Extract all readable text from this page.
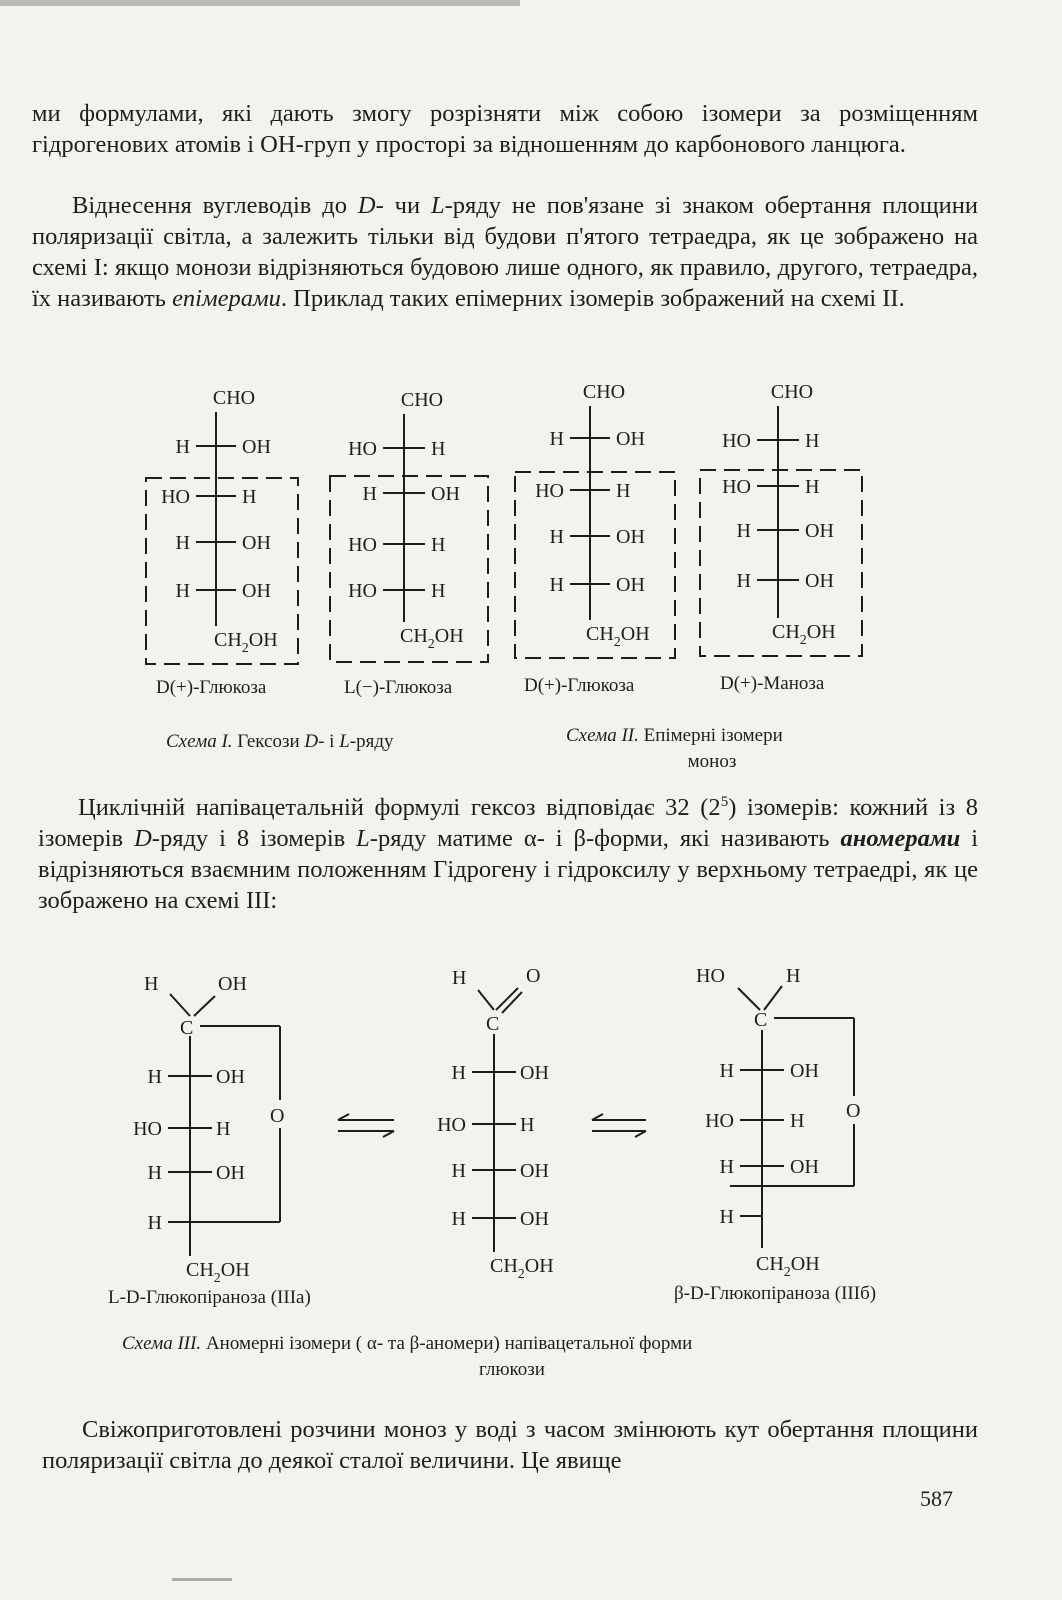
ми формулами, які дають змогу розрізняти між собою ізомери за розміщенням гідрогенових атомів і ОН-груп у просторі за відношенням до карбонового ланцюга.

Віднесення вуглеводів до D- чи L-ряду не пов'язане зі знаком обертання площини поляризації світла, а залежить тільки від будови п'ятого тетраедра, як це зображено на схемі І: якщо монози відрізняються будовою лише одного, як правило, другого, тетраедра, їх називають епімерами. Приклад таких епімерних ізомерів зображений на схемі ІІ.

CHO
H	OH
HO	H
H	OH
H	OH
$CH_2OH$
D(+)-Глюкоза
CHO
HO	H
H	OH
HO	H
HO	H
$CH_2OH$
L(−)-Глюкоза
CHO
H	OH
HO	H
H	OH
H	OH
$CH_2OH$
D(+)-Глюкоза
CHO
HO	H
HO	H
H	OH
H	OH
$CH_2OH$
D(+)-Маноза
Схема І. Гексози D- і L-ряду	Схема II. Епімерні ізомери
моноз

Циклічній напівацетальній формулі гексоз відповідає 32 $(2^5)$ ізомерів: кожний із 8 ізомерів D-ряду і 8 ізомерів L-ряду матиме α- і β-форми, які називають аномерами і відрізняються взаємним положенням Гідрогену і гідроксилу у верхньому тетраедрі, як це зображено на схемі III:

H	OH
C
H	OH
O
HO	H
H	OH
H
$CH_2OH$
L-D-Глюкопіраноза (IIIа)
H	O
C
H	OH
HO	H
H	OH
H	OH
$CH_2OH$
HO	H
C
H	OH
O
HO	H
H	OH
H
$CH_2OH$
β-D-Глюкопіраноза (IIIб)
Схема III. Аномерні ізомери ( α- та β-аномери) напівацетальної форми
глюкози

Свіжоприготовлені розчини моноз у воді з часом змінюють кут обертання площини поляризації світла до деякої сталої величини. Це явище

587
